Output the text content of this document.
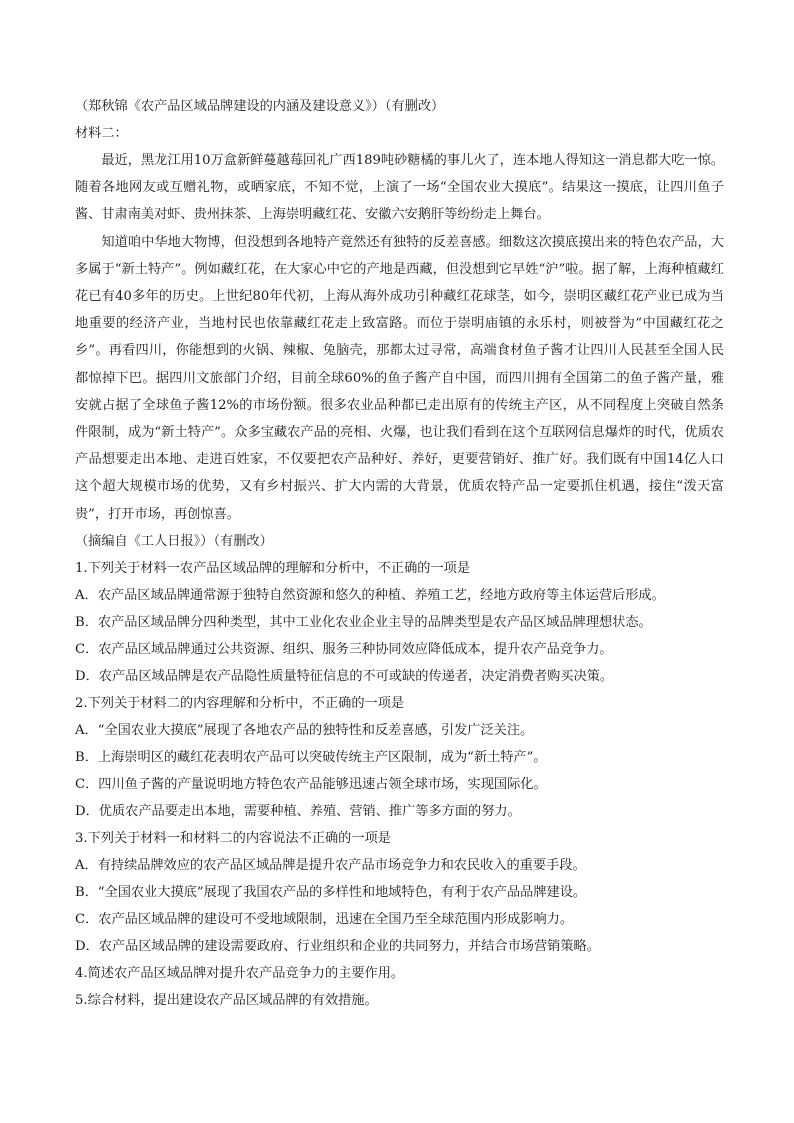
（郑秋锦《农产品区域品牌建设的内涵及建设意义》）（有删改）
材料二：

最近，黑龙江用10万盒新鲜蔓越莓回礼广西189吨砂糖橘的事儿火了，连本地人得知这一消息都大吃一惊。随着各地网友或互赠礼物，或晒家底，不知不觉，上演了一场“全国农业大摸底”。结果这一摸底，让四川鱼子酱、甘肃南美对虾、贵州抹茶、上海崇明藏红花、安徽六安鹅肝等纷纷走上舞台。

知道咱中华地大物博，但没想到各地特产竟然还有独特的反差喜感。细数这次摸底摸出来的特色农产品，大多属于“新土特产”。例如藏红花，在大家心中它的产地是西藏，但没想到它早姓“沪”啦。据了解，上海种植藏红花已有40多年的历史。上世纪80年代初，上海从海外成功引种藏红花球茎，如今，崇明区藏红花产业已成为当地重要的经济产业，当地村民也依靠藏红花走上致富路。而位于崇明庙镇的永乐村，则被誉为“中国藏红花之乡”。再看四川，你能想到的火锅、辣椒、兔脑壳，那都太过寻常，高端食材鱼子酱才让四川人民甚至全国人民都惊掉下巴。据四川文旅部门介绍，目前全球60%的鱼子酱产自中国，而四川拥有全国第二的鱼子酱产量，雅安就占据了全球鱼子酱12%的市场份额。很多农业品种都已走出原有的传统主产区，从不同程度上突破自然条件限制，成为“新土特产”。众多宝藏农产品的亮相、火爆，也让我们看到在这个互联网信息爆炸的时代，优质农产品想要走出本地、走进百姓家，不仅要把农产品种好、养好，更要营销好、推广好。我们既有中国14亿人口这个超大规模市场的优势，又有乡村振兴、扩大内需的大背景，优质农特产品一定要抓住机遇，接住“泼天富贵”，打开市场，再创惊喜。

（摘编自《工人日报》）（有删改）
1.下列关于材料一农产品区域品牌的理解和分析中，不正确的一项是
A．农产品区域品牌通常源于独特自然资源和悠久的种植、养殖工艺，经地方政府等主体运营后形成。
B．农产品区域品牌分四种类型，其中工业化农业企业主导的品牌类型是农产品区域品牌理想状态。
C．农产品区域品牌通过公共资源、组织、服务三种协同效应降低成本，提升农产品竞争力。
D．农产品区域品牌是农产品隐性质量特征信息的不可或缺的传递者，决定消费者购买决策。
2.下列关于材料二的内容理解和分析中，不正确的一项是
A．“全国农业大摸底”展现了各地农产品的独特性和反差喜感，引发广泛关注。
B．上海崇明区的藏红花表明农产品可以突破传统主产区限制，成为“新土特产”。
C．四川鱼子酱的产量说明地方特色农产品能够迅速占领全球市场，实现国际化。
D．优质农产品要走出本地，需要种植、养殖、营销、推广等多方面的努力。
3.下列关于材料一和材料二的内容说法不正确的一项是
A．有持续品牌效应的农产品区域品牌是提升农产品市场竞争力和农民收入的重要手段。
B．“全国农业大摸底”展现了我国农产品的多样性和地域特色，有利于农产品品牌建设。
C．农产品区域品牌的建设可不受地域限制，迅速在全国乃至全球范围内形成影响力。
D．农产品区域品牌的建设需要政府、行业组织和企业的共同努力，并结合市场营销策略。
4.简述农产品区域品牌对提升农产品竞争力的主要作用。
5.综合材料，提出建设农产品区域品牌的有效措施。
